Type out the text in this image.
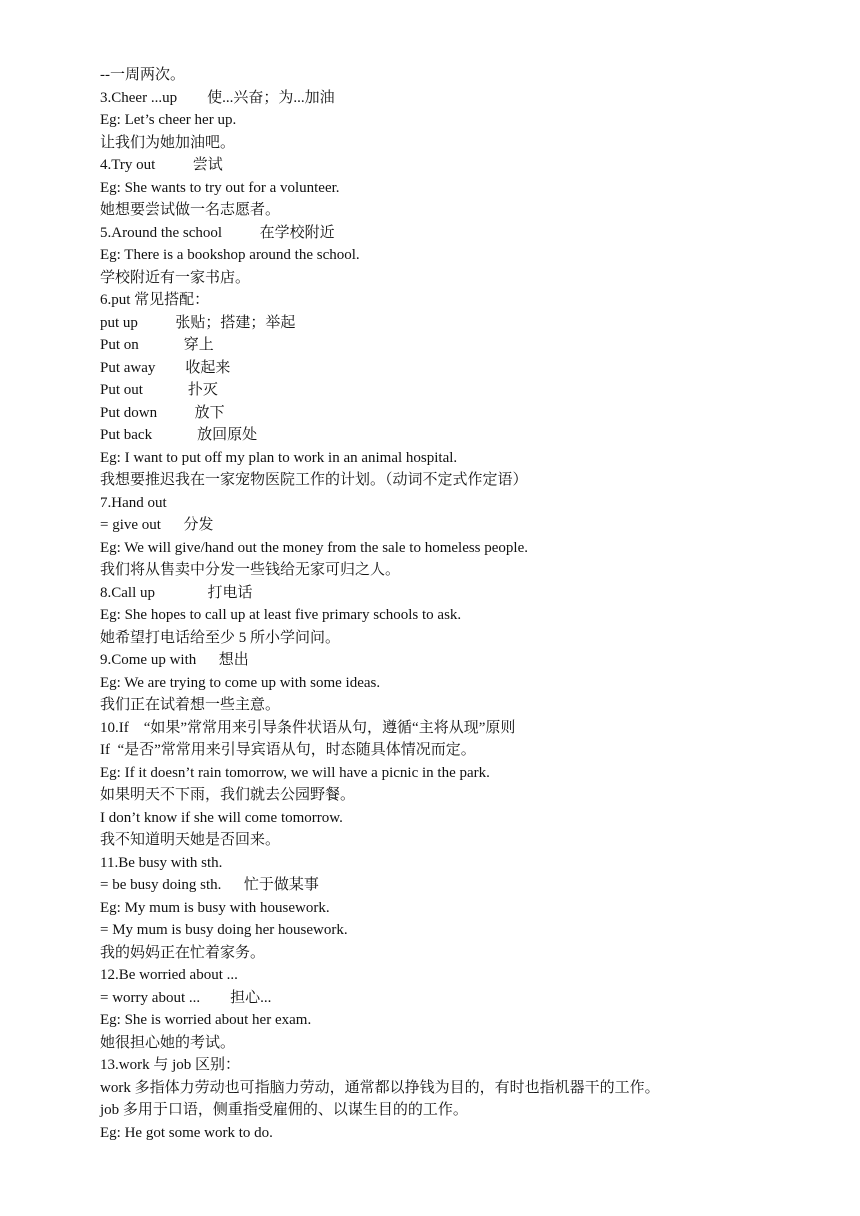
--一周两次。
3.Cheer ...up        使...兴奋；为...加油
Eg: Let’s cheer her up.
让我们为她加油吧。
4.Try out          尝试
Eg: She wants to try out for a volunteer.
她想要尝试做一名志愿者。
5.Around the school          在学校附近
Eg: There is a bookshop around the school.
学校附近有一家书店。
6.put 常见搭配：
put up          张贴；搭建；举起
Put on            穿上
Put away        收起来
Put out            扑灭
Put down          放下
Put back            放回原处
Eg: I want to put off my plan to work in an animal hospital.
我想要推迟我在一家宠物医院工作的计划。（动词不定式作定语）
7.Hand out
= give out      分发
Eg: We will give/hand out the money from the sale to homeless people.
我们将从售卖中分发一些钱给无家可归之人。
8.Call up              打电话
Eg: She hopes to call up at least five primary schools to ask.
她希望打电话给至少 5 所小学问问。
9.Come up with      想出
Eg: We are trying to come up with some ideas.
我们正在试着想一些主意。
10.If    “如果”常常用来引导条件状语从句，遵循“主将从现”原则
If  “是否”常常用来引导宾语从句，时态随具体情况而定。
Eg: If it doesn’t rain tomorrow, we will have a picnic in the park.
如果明天不下雨，我们就去公园野餐。
I don’t know if she will come tomorrow.
我不知道明天她是否回来。
11.Be busy with sth.
= be busy doing sth.      忙于做某事
Eg: My mum is busy with housework.
= My mum is busy doing her housework.
我的妈妈正在忙着家务。
12.Be worried about ...
= worry about ...        担心...
Eg: She is worried about her exam.
她很担心她的考试。
13.work 与 job 区别：
work 多指体力劳动也可指脑力劳动，通常都以挣钱为目的，有时也指机器干的工作。
job 多用于口语，侧重指受雇佣的、以谋生目的的工作。
Eg: He got some work to do.
